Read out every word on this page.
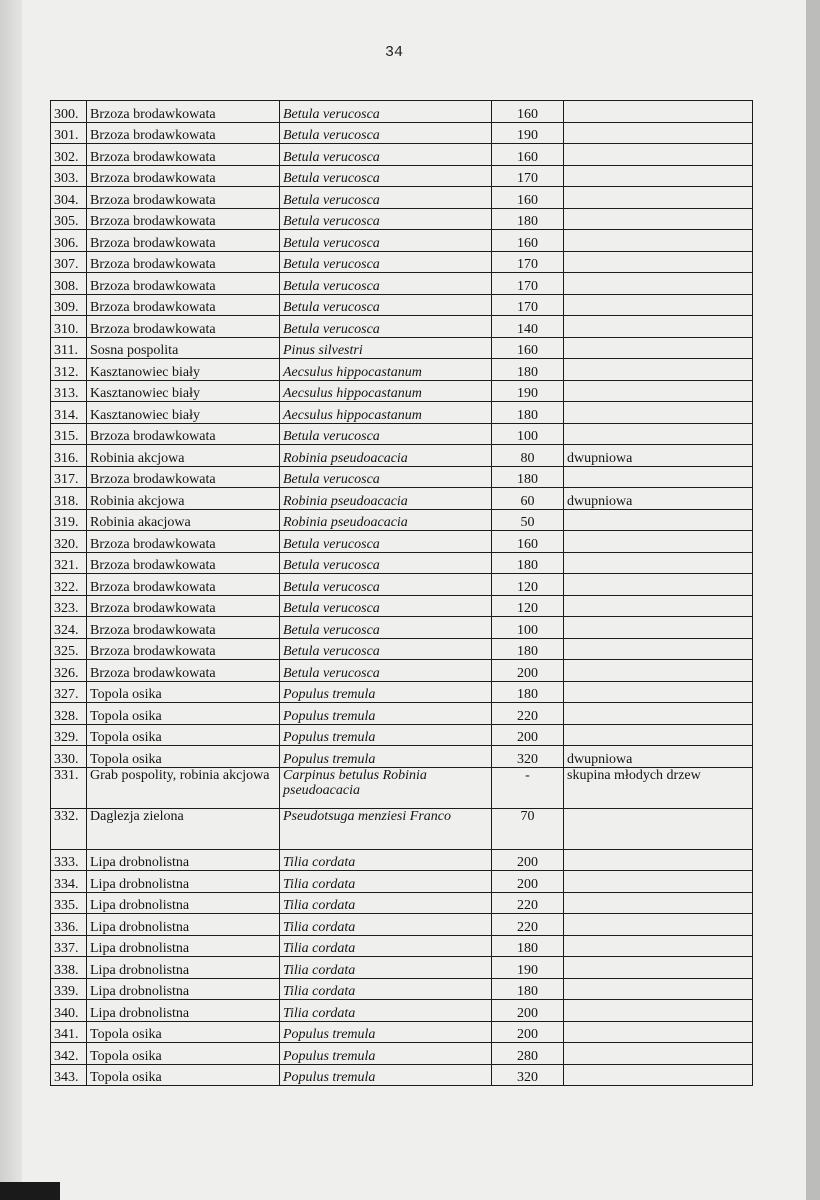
34
300.	Brzoza brodawkowata	Betula verucosca	160	
301.	Brzoza brodawkowata	Betula verucosca	190	
302.	Brzoza brodawkowata	Betula verucosca	160	
303.	Brzoza brodawkowata	Betula verucosca	170	
304.	Brzoza brodawkowata	Betula verucosca	160	
305.	Brzoza brodawkowata	Betula verucosca	180	
306.	Brzoza brodawkowata	Betula verucosca	160	
307.	Brzoza brodawkowata	Betula verucosca	170	
308.	Brzoza brodawkowata	Betula verucosca	170	
309.	Brzoza brodawkowata	Betula verucosca	170	
310.	Brzoza brodawkowata	Betula verucosca	140	
311.	Sosna pospolita	Pinus silvestri	160	
312.	Kasztanowiec biały	Aecsulus hippocastanum	180	
313.	Kasztanowiec biały	Aecsulus hippocastanum	190	
314.	Kasztanowiec biały	Aecsulus hippocastanum	180	
315.	Brzoza brodawkowata	Betula verucosca	100	
316.	Robinia akcjowa	Robinia pseudoacacia	80	dwupniowa
317.	Brzoza brodawkowata	Betula verucosca	180	
318.	Robinia akcjowa	Robinia pseudoacacia	60	dwupniowa
319.	Robinia akacjowa	Robinia pseudoacacia	50	
320.	Brzoza brodawkowata	Betula verucosca	160	
321.	Brzoza brodawkowata	Betula verucosca	180	
322.	Brzoza brodawkowata	Betula verucosca	120	
323.	Brzoza brodawkowata	Betula verucosca	120	
324.	Brzoza brodawkowata	Betula verucosca	100	
325.	Brzoza brodawkowata	Betula verucosca	180	
326.	Brzoza brodawkowata	Betula verucosca	200	
327.	Topola osika	Populus tremula	180	
328.	Topola osika	Populus tremula	220	
329.	Topola osika	Populus tremula	200	
330.	Topola osika	Populus tremula	320	dwupniowa
331.	Grab pospolity, robinia akcjowa	Carpinus betulus Robinia pseudoacacia	-	skupina młodych drzew
332.	Daglezja zielona	Pseudotsuga menziesi Franco	70	
333.	Lipa drobnolistna	Tilia cordata	200	
334.	Lipa drobnolistna	Tilia cordata	200	
335.	Lipa drobnolistna	Tilia cordata	220	
336.	Lipa drobnolistna	Tilia cordata	220	
337.	Lipa drobnolistna	Tilia cordata	180	
338.	Lipa drobnolistna	Tilia cordata	190	
339.	Lipa drobnolistna	Tilia cordata	180	
340.	Lipa drobnolistna	Tilia cordata	200	
341.	Topola osika	Populus tremula	200	
342.	Topola osika	Populus tremula	280	
343.	Topola osika	Populus tremula	320	
